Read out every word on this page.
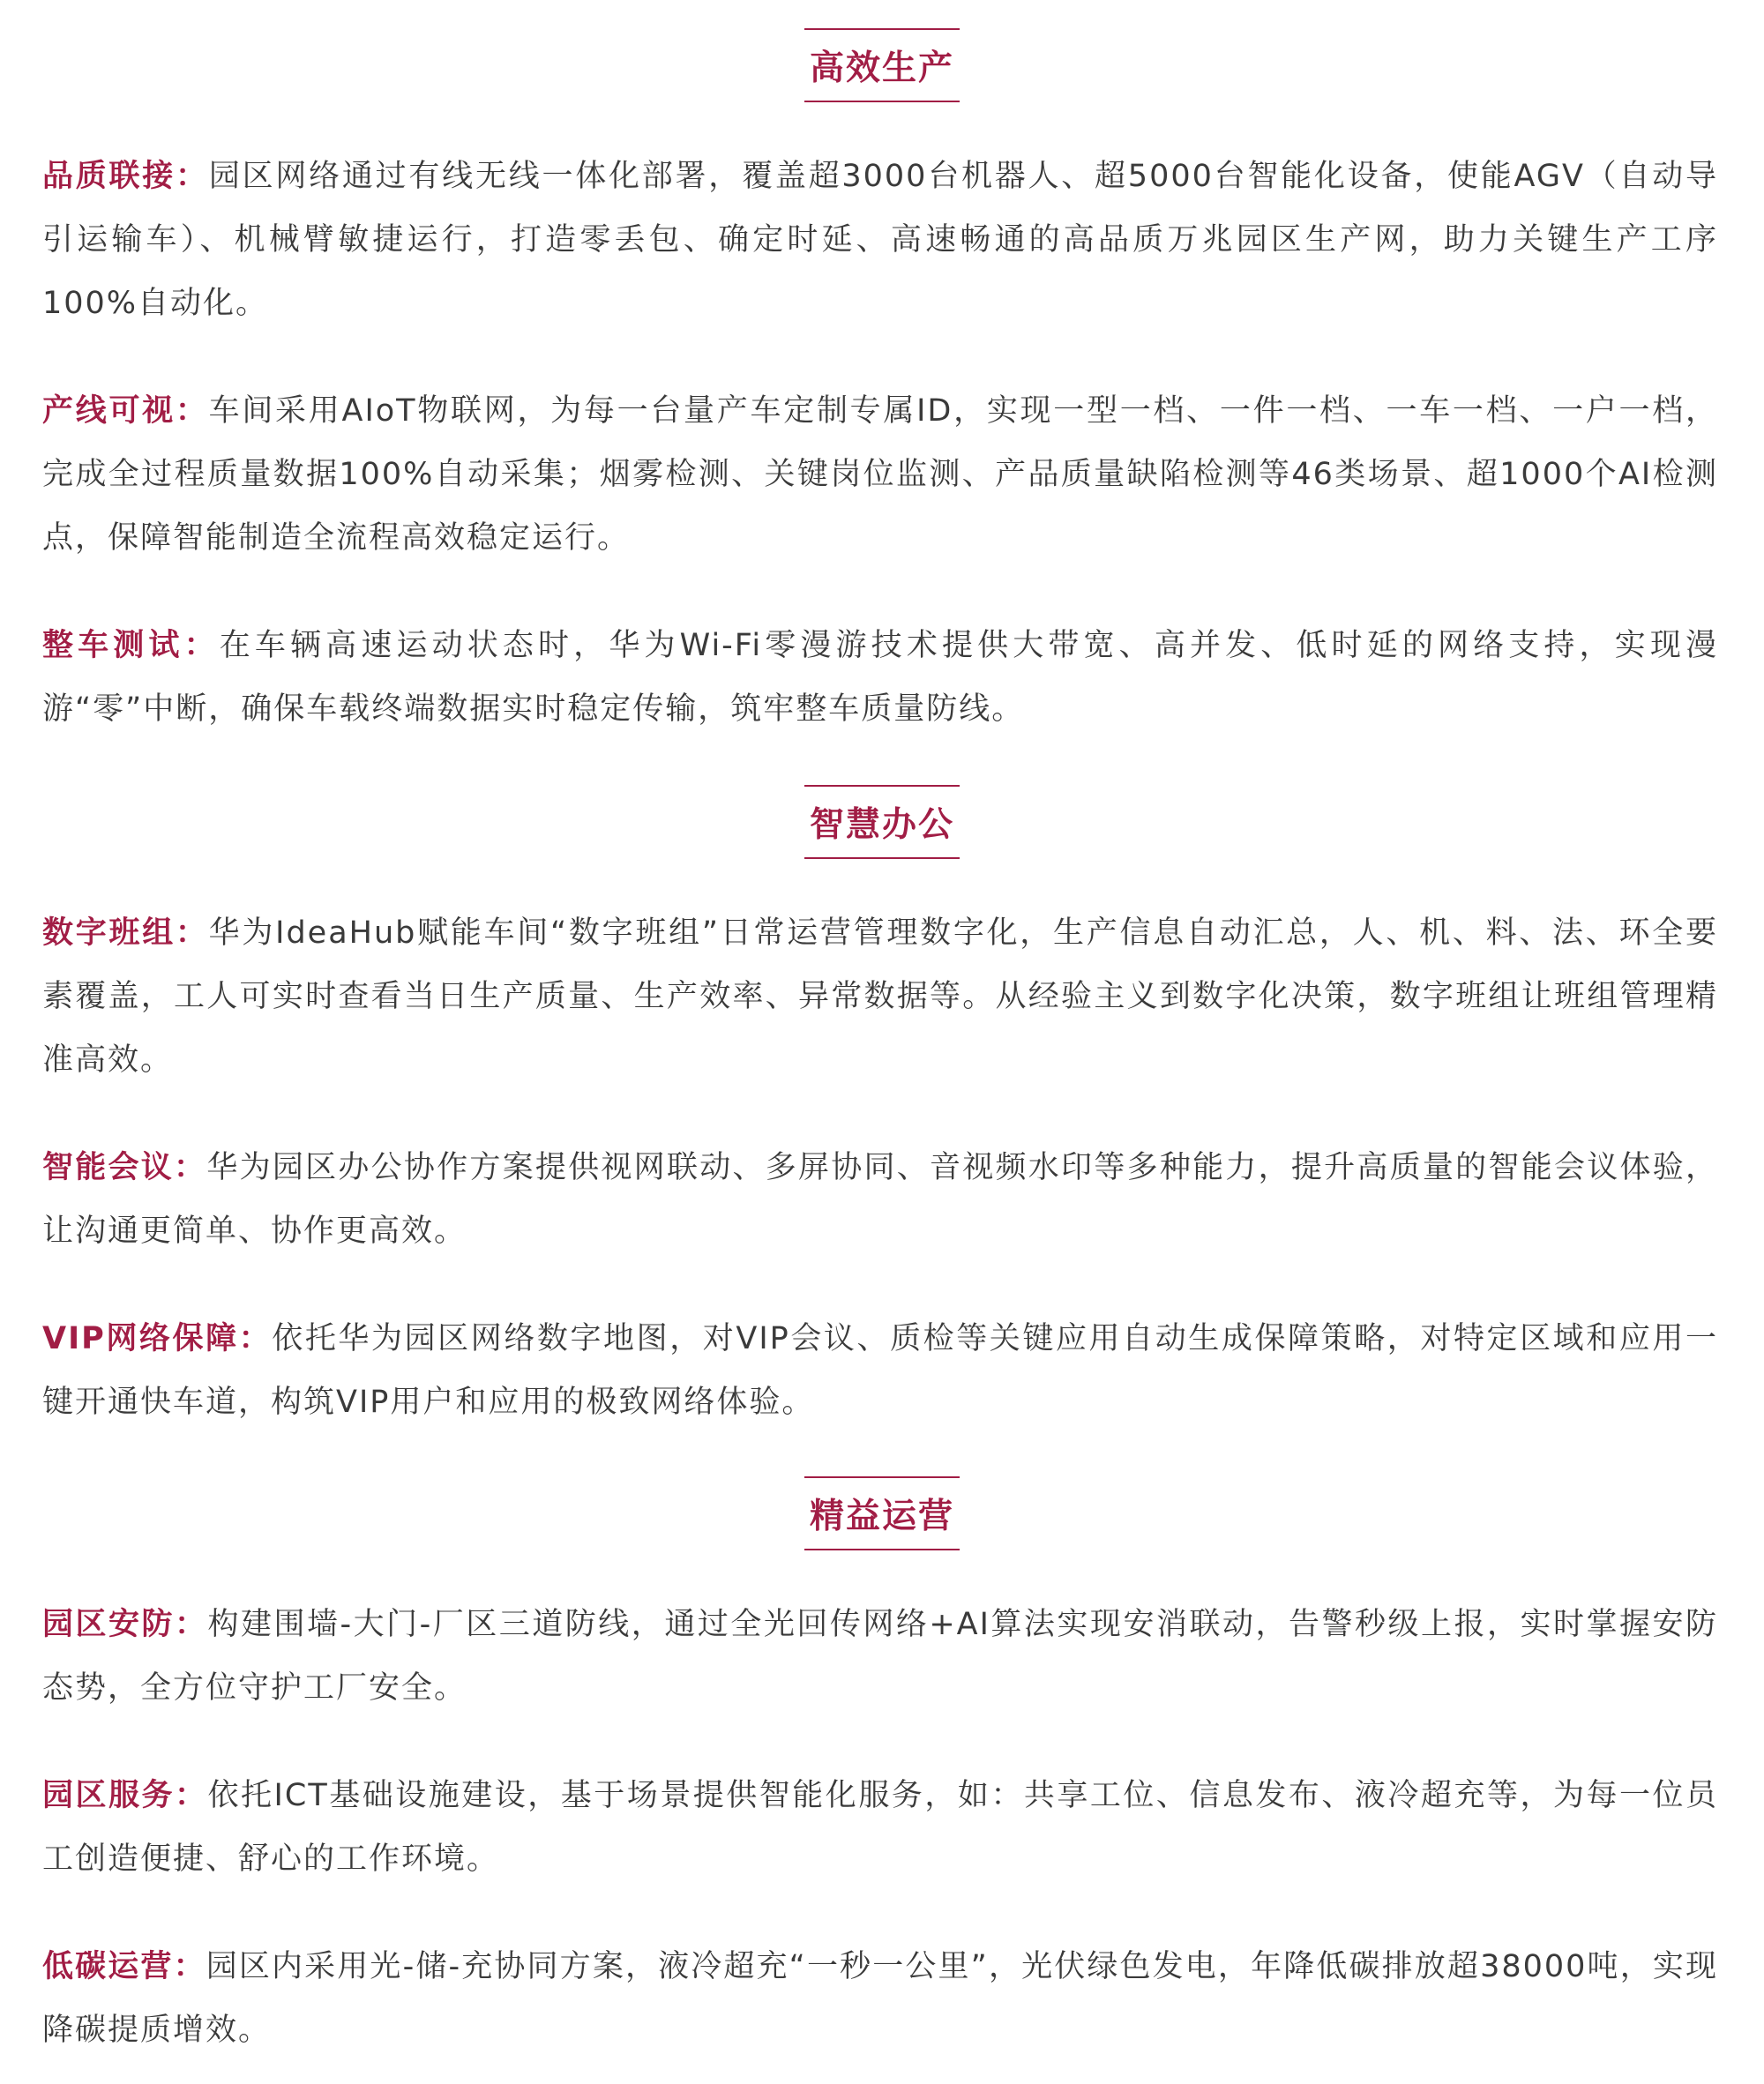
高效生产

品质联接：园区网络通过有线无线一体化部署，覆盖超3000台机器人、超5000台智能化设备，使能AGV（自动导引运输车）、机械臂敏捷运行，打造零丢包、确定时延、高速畅通的高品质万兆园区生产网，助力关键生产工序100%自动化。

产线可视：车间采用AIoT物联网，为每一台量产车定制专属ID，实现一型一档、一件一档、一车一档、一户一档，完成全过程质量数据100%自动采集；烟雾检测、关键岗位监测、产品质量缺陷检测等46类场景、超1000个AI检测点，保障智能制造全流程高效稳定运行。

整车测试：在车辆高速运动状态时，华为Wi-Fi零漫游技术提供大带宽、高并发、低时延的网络支持，实现漫游“零”中断，确保车载终端数据实时稳定传输，筑牢整车质量防线。

智慧办公

数字班组：华为IdeaHub赋能车间“数字班组”日常运营管理数字化，生产信息自动汇总，人、机、料、法、环全要素覆盖，工人可实时查看当日生产质量、生产效率、异常数据等。从经验主义到数字化决策，数字班组让班组管理精准高效。

智能会议：华为园区办公协作方案提供视网联动、多屏协同、音视频水印等多种能力，提升高质量的智能会议体验，让沟通更简单、协作更高效。

VIP网络保障：依托华为园区网络数字地图，对VIP会议、质检等关键应用自动生成保障策略，对特定区域和应用一键开通快车道，构筑VIP用户和应用的极致网络体验。

精益运营

园区安防：构建围墙-大门-厂区三道防线，通过全光回传网络+AI算法实现安消联动，告警秒级上报，实时掌握安防态势，全方位守护工厂安全。

园区服务：依托ICT基础设施建设，基于场景提供智能化服务，如：共享工位、信息发布、液冷超充等，为每一位员工创造便捷、舒心的工作环境。

低碳运营：园区内采用光-储-充协同方案，液冷超充“一秒一公里”，光伏绿色发电，年降低碳排放超38000吨，实现降碳提质增效。
